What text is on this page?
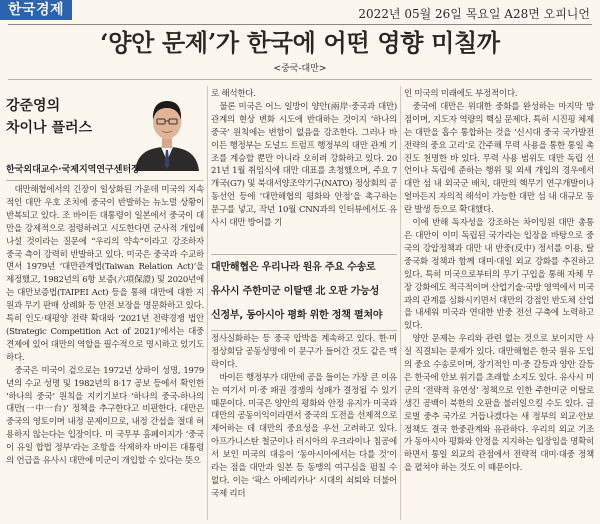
한국경제	2022년 05월 26일 목요일 A28면 오피니언
‘양안 문제’가 한국에 어떤 영향 미칠까
<중국-대만>
강준영의
차이나 플러스
한국외대교수·국제지역연구센터장

대만해협에서의 긴장이 일상화된 가운데 미국의 지속적인 대만 우호 조치에 중국이 반발하는 뉴노멀 상황이 반복되고 있다. 조 바이든 대통령이 일본에서 중국이 대만을 강제적으로 점령하려고 시도한다면 군사적 개입에 나설 것이라는 질문에 “우리의 약속”이라고 강조하자 중국 측이 강력히 반발하고 있다. 미국은 중국과 수교하면서 1979년 ‘대만관계법(Taiwan Relation Act)’을 제정했고, 1982년의 6항 보증(六項保證) 및 2020년에는 대만보증법(TAIPEI Act) 등을 통해 대만에 대한 지원과 무기 판매 상례화 등 안전 보장을 명문화하고 있다. 특히 인도·태평양 전략 확대와 ‘2021년 전략경쟁 법안(Strategic Competition Act of 2021)’에서는 대중 견제에 있어 대만의 역할을 필수적으로 명시하고 있기도 하다.

중국은 미국이 겉으로는 1972년 상하이 성명, 1979년의 수교 성명 및 1982년의 8·17 공보 등에서 확인한 ‘하나의 중국’ 원칙을 지키기보다 ‘하나의 중국-하나의 대만(一中一台)’ 정책을 추구한다고 비판한다. 대만은 중국의 영토이며 내정 문제이므로, 내정 간섭을 절대 허용하지 않는다는 입장이다. 미 국무부 홈페이지가 ‘중국이 유일 합법 정부’라는 조항을 삭제하자 바이든 대통령의 언급을 유사시 대만에 미군이 개입할 수 있다는 뜻으

로 해석한다.

물론 미국은 어느 일방이 양안(兩岸·중국과 대만) 관계의 현상 변화 시도에 반대하는 것이지 ‘하나의 중국’ 원칙에는 변함이 없음을 강조한다. 그러나 바이든 행정부는 도널드 트럼프 행정부의 대만 관계 기조를 계승할 뿐만 아니라 오히려 강화하고 있다. 2021년 1월 취임식에 대만 대표를 초청했으며, 주요 7개국(G7) 및 북대서양조약기구(NATO) 정상회의 공동선언 등에 ‘대만해협의 평화와 안정’을 촉구하는 문구를 넣고, 작년 10월 CNN과의 인터뷰에서도 유사시 대만 방어를 기

대만해협은 우리나라 원유 주요 수송로
유사시 주한미군 이탈땐 北 오판 가능성
신정부, 동아시아 평화 위한 정책 펼쳐야

정사실화하는 등 중국 압박을 계속하고 있다. 한·미 정상회담 공동성명에 이 문구가 들어간 것도 같은 맥락이다.

바이든 행정부가 대만에 공을 들이는 가장 큰 이유는 여기서 미·중 패권 경쟁의 성패가 결정될 수 있기 때문이다. 미국은 양안의 평화와 안정 유지가 미국과 대만의 공동이익이라면서 중국의 도전을 선제적으로 제어하는 데 대만의 중요성을 우선 고려하고 있다. 아프가니스탄 철군이나 러시아의 우크라이나 침공에서 보인 미국의 대응이 ‘동아시아에서는 다를 것’이라는 점을 대만과 일본 등 동맹의 여구심을 펌칠 수 없다. 이는 ‘팍스 아메리카나’ 시대의 쇠퇴와 더불어 국제 리더

인 미국의 미래에도 부정적이다.

중국에 대만은 위대한 중화를 완성하는 마지막 방점이며, 지도자 역량의 핵심 문제다. 특히 시진핑 체제는 대만을 흡수 통합하는 것을 ‘신시대 중국 국가발전 전략의 중요 고리’로 간주해 무력 사용을 통한 통일 촉진도 천명한 바 있다. 무력 사용 범위도 대만 독립 선언이나 독립에 준하는 행위 및 외세 개입의 경우에서 대만 섬 내 외국군 배치, 대만의 핵무기 연구개발이나 얼마든지 자의적 해석이 가능한 대만 섬 내 대규모 동란 발생 등으로 확대했다.

이에 반해 독자성을 강조하는 차이잉원 대만 총통은 대만이 이미 독립된 국가라는 입장을 바탕으로 중국의 강압정책과 대만 내 반중(反中) 정서를 이용, 탈중국화 정책과 함께 대미·대일 외교 강화를 추진하고 있다. 특히 미국으로부터의 무기 구입을 통해 자체 무장 강화에도 적극적이며 산업기술·국방 영역에서 미국과의 관계를 심화시키면서 대만의 강점인 반도체 산업을 내세워 미국과 연대한 반중 전선 구축에 노력하고 있다.

양안 문제는 우리와 관련 없는 것으로 보이지만 사실 직결되는 문제가 있다. 대만해협은 한국 원유 도입의 중요 수송로이며, 장기적인 미·중 갈등과 양안 갈등은 한국에 안보 위기를 초래할 소지도 있다. 유사시 미군의 ‘전략적 유연성’ 정책으로 인한 주한미군 이탈로 생긴 공백이 북한의 오판을 불러일으킬 수도 있다. 글로벌 중추 국가로 거듭나겠다는 새 정부의 외교·안보 정책도 결국 한중관계와 유관하다. 우리의 외교 기조가 동아시아 평화와 안정을 지지하는 입장임을 명확히 하면서 통일 외교의 관점에서 전략적 대미·대중 정책을 펼쳐야 하는 것도 이 때문이다.
